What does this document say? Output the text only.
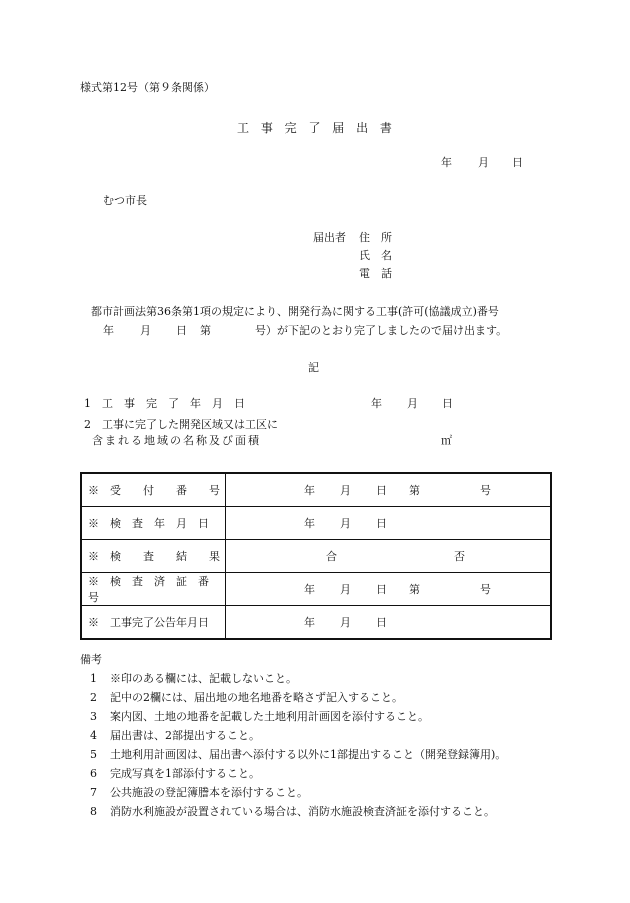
様式第12号（第９条関係）
工 事 完 了 届 出 書
年 月 日
むつ市長
届出者 住　所
氏　名
電　話
都市計画法第36条第1項の規定により、開発行為に関する工事(許可(協議成立)番号
年 月 日 第	号）が下記のとおり完了しましたので届け出ます。
記
1　工　事　完　了　年　月　日	年 月 日
2　工事に完了した開発区域又は工区に
含まれる地域の名称及び面積	㎡
※　受　　付　　番　　号	年 月 日 第 号

※　検　査　年　月　日	年 月 日

※　検　　査　　結　　果	合 否

※　検　査　済　証　番　号	年 月 日 第 号

※　工事完了公告年月日	年 月 日
備考
1 ※印のある欄には、記載しないこと。
2 記中の2欄には、届出地の地名地番を略さず記入すること。
3 案内図、土地の地番を記載した土地利用計画図を添付すること。
4 届出書は、2部提出すること。
5 土地利用計画図は、届出書へ添付する以外に1部提出すること（開発登録簿用)。
6 完成写真を1部添付すること。
7 公共施設の登記簿謄本を添付すること。
8 消防水利施設が設置されている場合は、消防水施設検査済証を添付すること。
